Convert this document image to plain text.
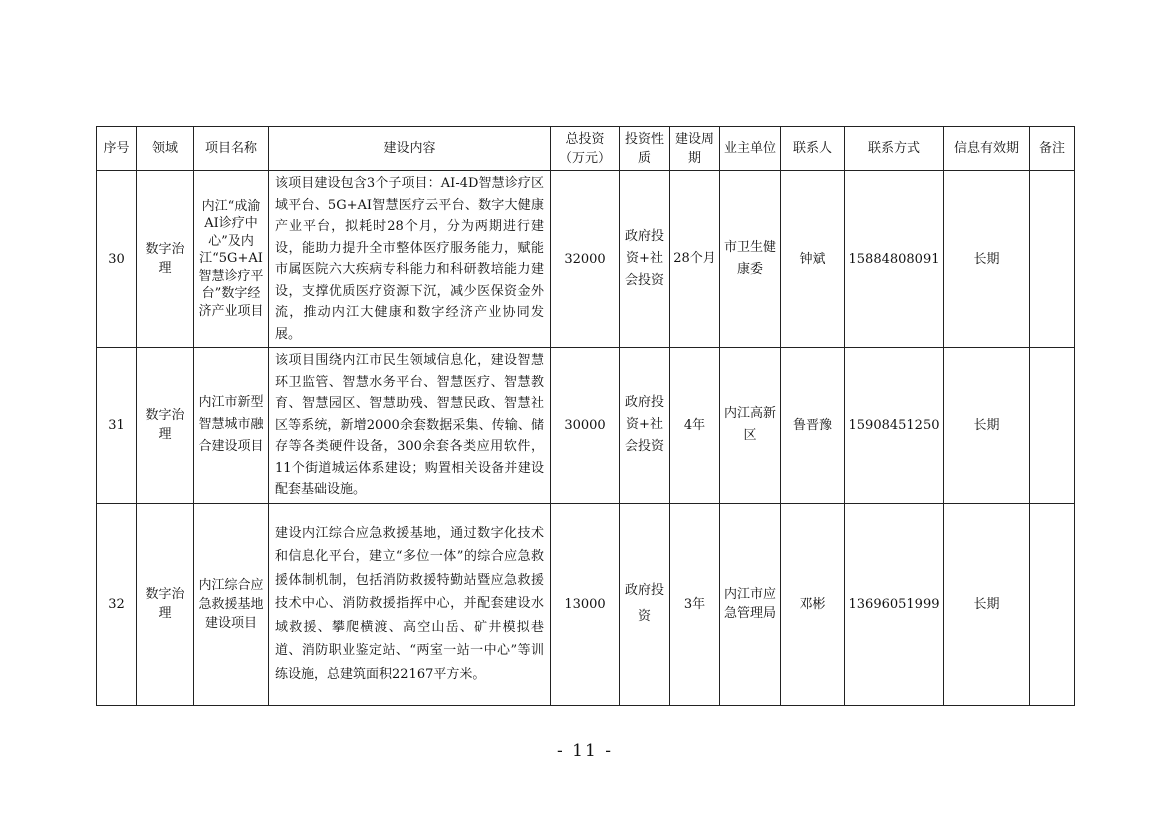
序号	领域	项目名称	建设内容	总投资（万元）	投资性质	建设周期	业主单位	联系人	联系方式	信息有效期	备注
30	数字治理	内江“成渝AI诊疗中心”及内江“5G+AI智慧诊疗平台”数字经济产业项目	该项目建设包含3个子项目：AI-4D智慧诊疗区域平台、5G+AI智慧医疗云平台、数字大健康产业平台，拟耗时28个月，分为两期进行建设，能助力提升全市整体医疗服务能力，赋能市属医院六大疾病专科能力和科研教培能力建设，支撑优质医疗资源下沉，减少医保资金外流，推动内江大健康和数字经济产业协同发展。	32000	政府投资+社会投资	28个月	市卫生健康委	钟斌	15884808091	长期	
31	数字治理	内江市新型智慧城市融合建设项目	该项目围绕内江市民生领域信息化，建设智慧环卫监管、智慧水务平台、智慧医疗、智慧教育、智慧园区、智慧助残、智慧民政、智慧社区等系统，新增2000余套数据采集、传输、储存等各类硬件设备，300余套各类应用软件，11个街道城运体系建设；购置相关设备并建设配套基础设施。	30000	政府投资+社会投资	4年	内江高新区	鲁晋豫	15908451250	长期	
32	数字治理	内江综合应急救援基地建设项目	建设内江综合应急救援基地，通过数字化技术和信息化平台，建立“多位一体”的综合应急救援体制机制，包括消防救援特勤站暨应急救援技术中心、消防救援指挥中心，并配套建设水域救援、攀爬横渡、高空山岳、矿井模拟巷道、消防职业鉴定站、“两室一站一中心”等训练设施，总建筑面积22167平方米。	13000	政府投资	3年	内江市应急管理局	邓彬	13696051999	长期	
- 11 -
